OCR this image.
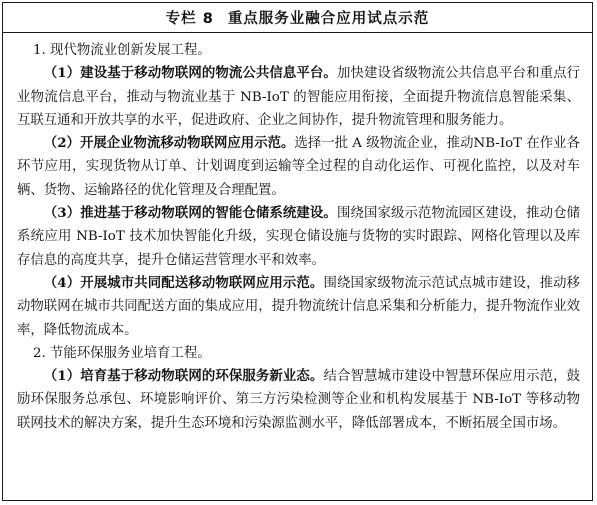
专栏 8 重点服务业融合应用试点示范

1. 现代物流业创新发展工程。

（1）建设基于移动物联网的物流公共信息平台。加快建设省级物流公共信息平台和重点行业物流信息平台，推动与物流业基于 NB-IoT 的智能应用衔接，全面提升物流信息智能采集、互联互通和开放共享的水平，促进政府、企业之间协作，提升物流管理和服务能力。

（2）开展企业物流移动物联网应用示范。选择一批 A 级物流企业，推动NB-IoT 在作业各环节应用，实现货物从订单、计划调度到运输等全过程的自动化运作、可视化监控，以及对车辆、货物、运输路径的优化管理及合理配置。

（3）推进基于移动物联网的智能仓储系统建设。围绕国家级示范物流园区建设，推动仓储系统应用 NB-IoT 技术加快智能化升级，实现仓储设施与货物的实时跟踪、网格化管理以及库存信息的高度共享，提升仓储运营管理水平和效率。

（4）开展城市共同配送移动物联网应用示范。围绕国家级物流示范试点城市建设，推动移动物联网在城市共同配送方面的集成应用，提升物流统计信息采集和分析能力，提升物流作业效率，降低物流成本。

2. 节能环保服务业培育工程。

（1）培育基于移动物联网的环保服务新业态。结合智慧城市建设中智慧环保应用示范，鼓励环保服务总承包、环境影响评价、第三方污染检测等企业和机构发展基于 NB-IoT 等移动物联网技术的解决方案，提升生态环境和污染源监测水平，降低部署成本，不断拓展全国市场。
